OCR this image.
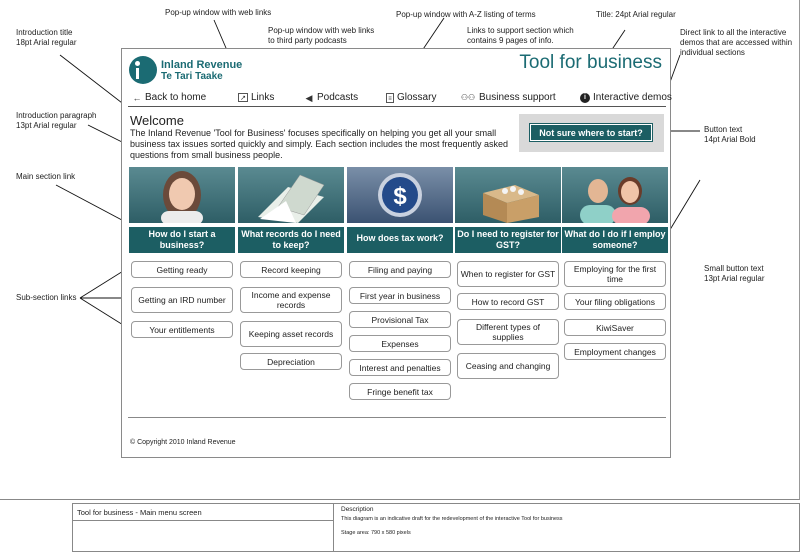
Introduction title
18pt Arial regular
Pop-up window with web links
Pop-up window with web links
to third party podcasts
Pop-up window with A-Z listing of terms
Links to support section which
contains 9 pages of info.
Title: 24pt Arial regular
Direct link to all the interactive
demos that are accessed within
individual sections
Introduction paragraph
13pt Arial regular	Button text
14pt Arial Bold
Main section link
Small button text
13pt Arial regular
Sub-section links
Inland Revenue
Te Tari Taake
Tool for business
← Back to home	↗ Links	◀ Podcasts	≡ Glossary	⚇⚇ Business support	i Interactive demos
Welcome
The Inland Revenue 'Tool for Business' focuses specifically on helping you get all your small business tax issues sorted quickly and simply. Each section includes the most frequently asked questions from small business people.
Not sure where to start?
How do I start a business?
Getting ready
Getting an IRD number
Your entitlements
What records do I need to keep?
Record keeping
Income and expense records
Keeping asset records
Depreciation
$
How does tax work?
Filing and paying
First year in business
Provisional Tax
Expenses
Interest and penalties
Fringe benefit tax
Do I need to register for GST?
When to register for GST
How to record GST
Different types of supplies
Ceasing and changing
What do I do if I employ someone?
Employing for the first time
Your filing obligations
KiwiSaver
Employment changes
© Copyright 2010 Inland Revenue
Tool for business - Main menu screen	Description
This diagram is an indicative draft for the redevelopment of the interactive Tool for business
Stage area: 790 x 580 pixels
